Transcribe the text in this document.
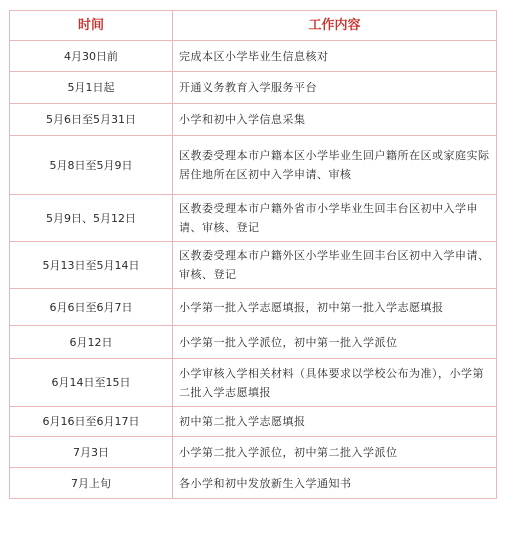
时间	工作内容
4月30日前	完成本区小学毕业生信息核对
5月1日起	开通义务教育入学服务平台
5月6日至5月31日	小学和初中入学信息采集
5月8日至5月9日	区教委受理本市户籍本区小学毕业生回户籍所在区或家庭实际居住地所在区初中入学申请、审核
5月9日、5月12日	区教委受理本市户籍外省市小学毕业生回丰台区初中入学申请、审核、登记
5月13日至5月14日	区教委受理本市户籍外区小学毕业生回丰台区初中入学申请、审核、登记
6月6日至6月7日	小学第一批入学志愿填报，初中第一批入学志愿填报
6月12日	小学第一批入学派位，初中第一批入学派位
6月14日至15日	小学审核入学相关材料（具体要求以学校公布为准），小学第二批入学志愿填报
6月16日至6月17日	初中第二批入学志愿填报
7月3日	小学第二批入学派位，初中第二批入学派位
7月上旬	各小学和初中发放新生入学通知书
